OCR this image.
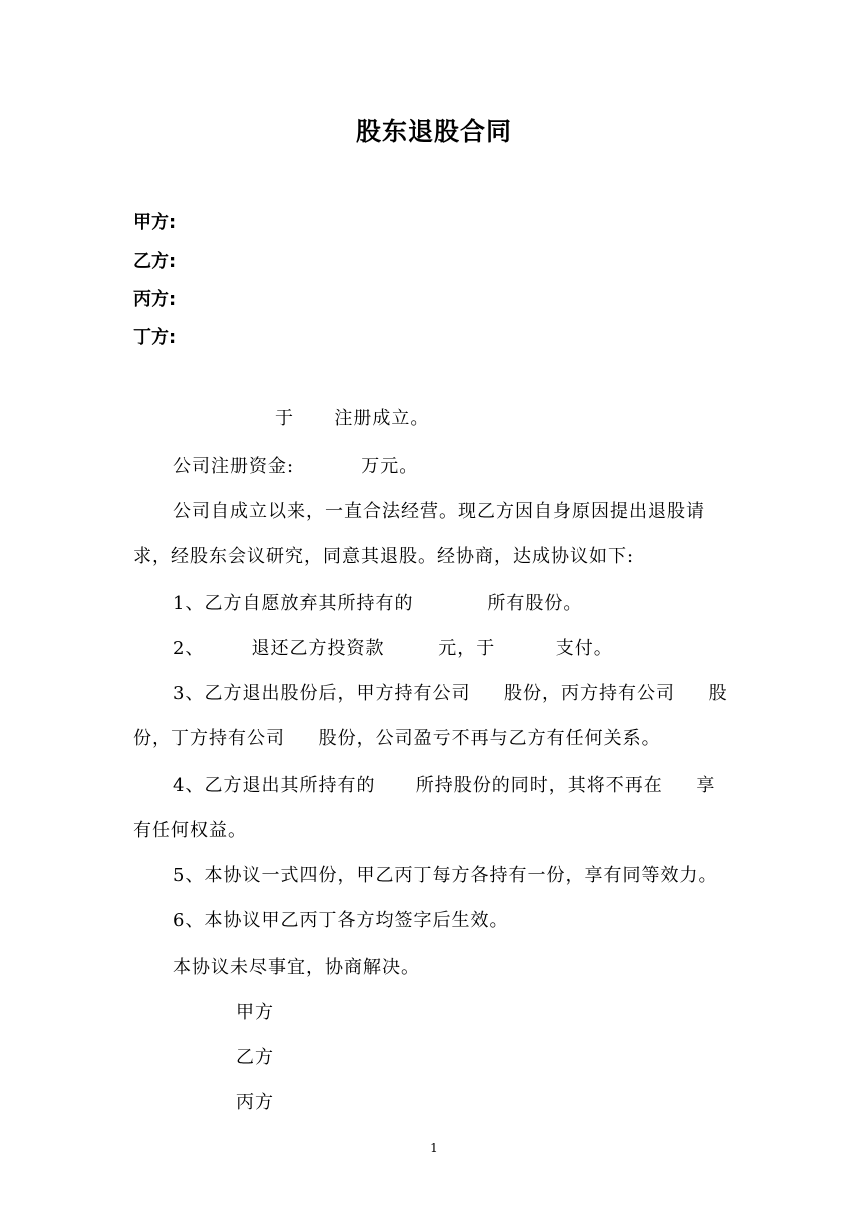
股东退股合同
甲方:
乙方:
丙方:
丁方:
于      注册成立。
公司注册资金:          万元。
公司自成立以来，一直合法经营。现乙方因自身原因提出退股请
求，经股东会议研究，同意其退股。经协商，达成协议如下:
1、乙方自愿放弃其所持有的           所有股份。
2、       退还乙方投资款        元，于         支付。
3、乙方退出股份后，甲方持有公司     股份，丙方持有公司     股
份，丁方持有公司     股份，公司盈亏不再与乙方有任何关系。
4、乙方退出其所持有的      所持股份的同时，其将不再在     享
有任何权益。
5、本协议一式四份，甲乙丙丁每方各持有一份，享有同等效力。
6、本协议甲乙丙丁各方均签字后生效。
本协议未尽事宜，协商解决。
甲方
乙方
丙方
1
